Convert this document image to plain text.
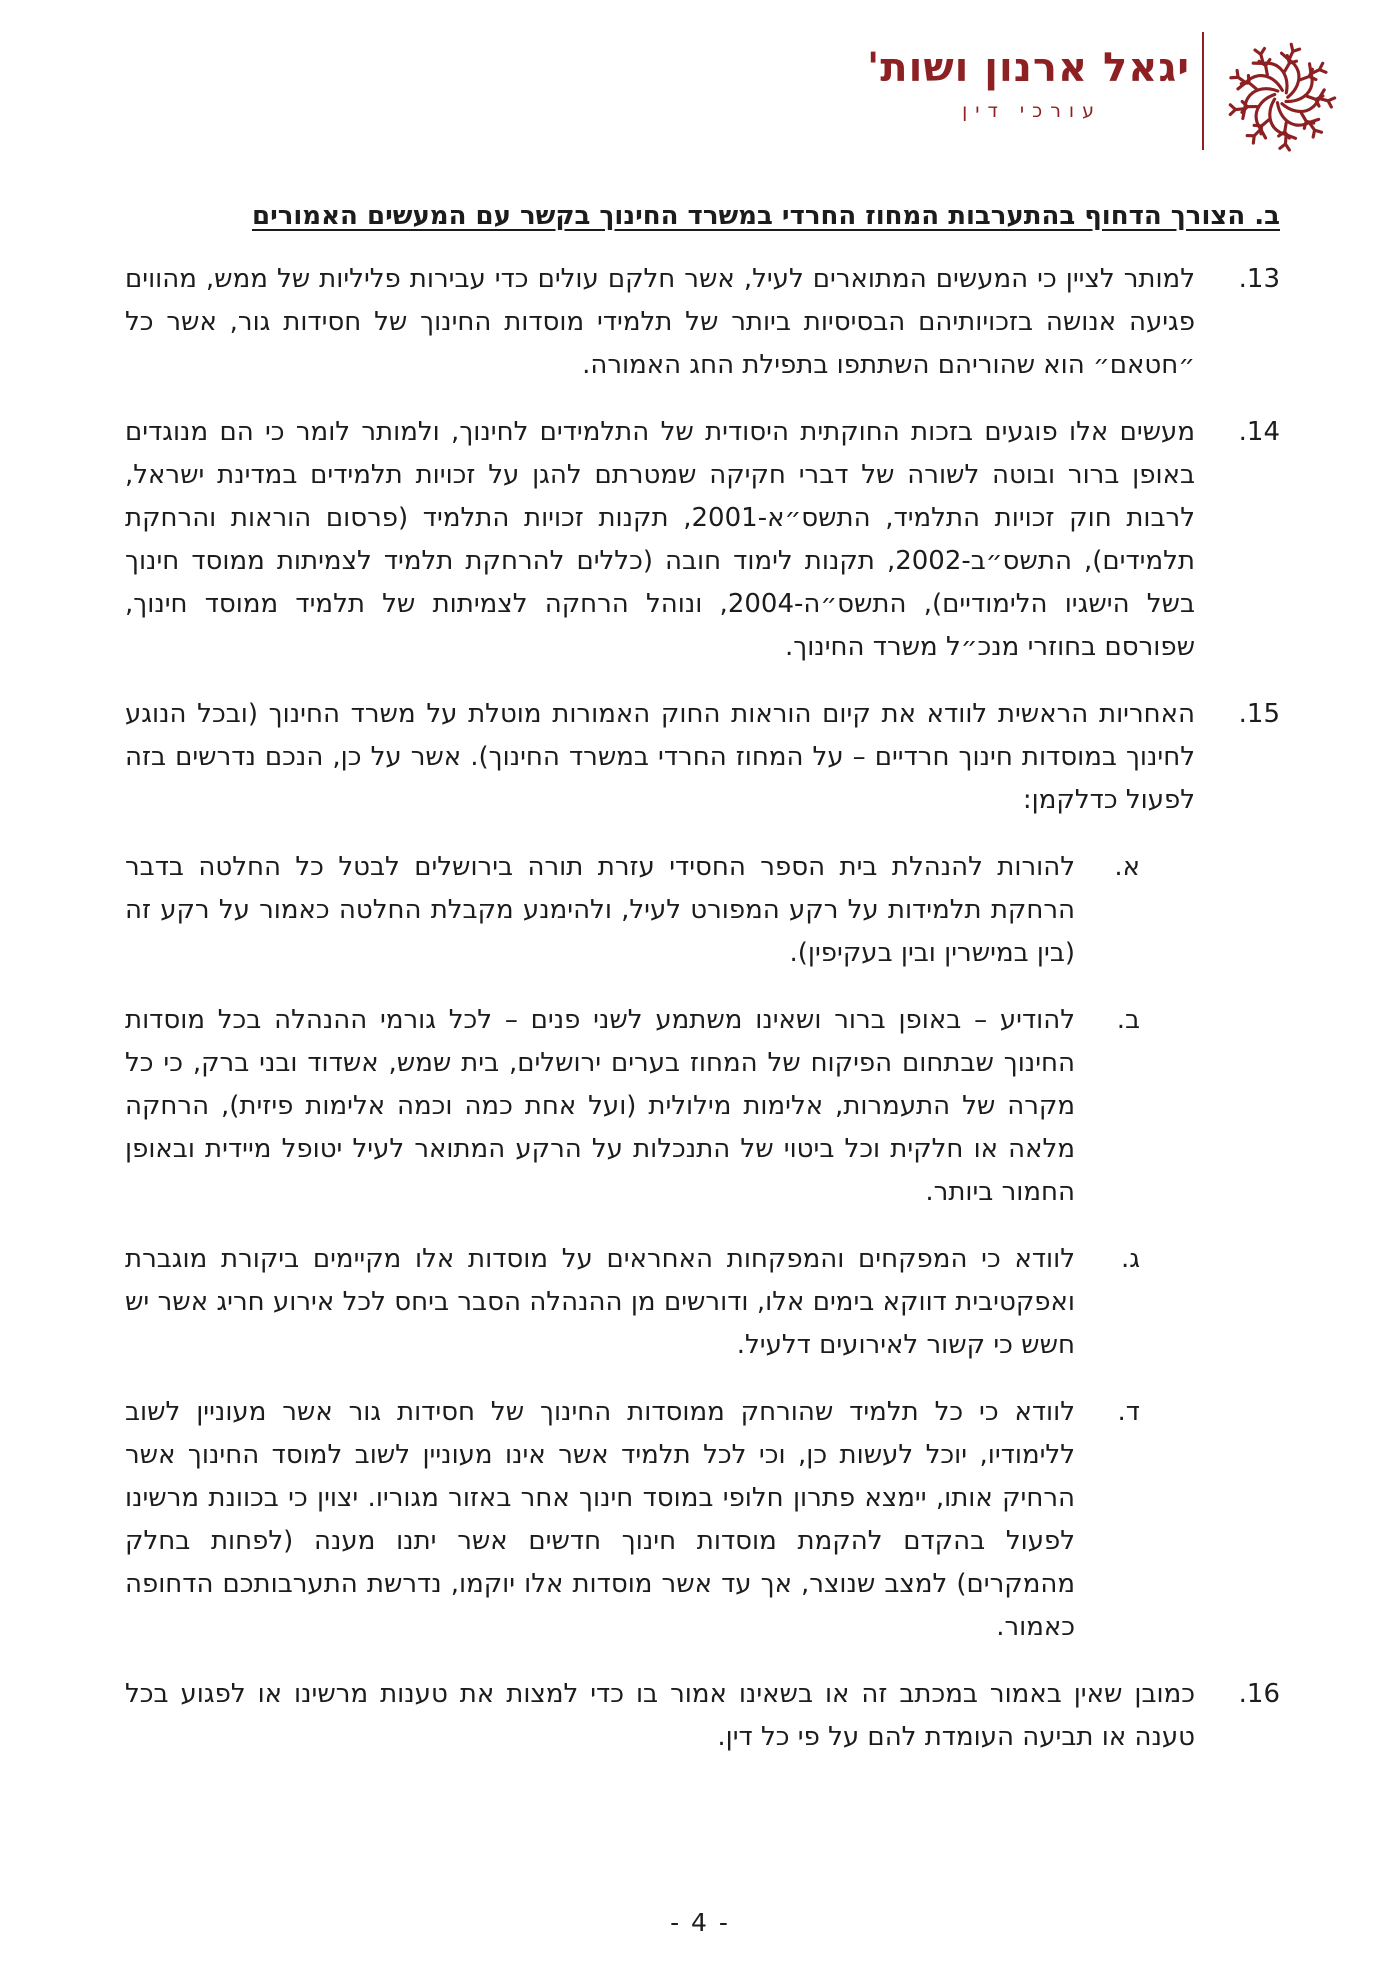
יגאל ארנון ושות'
עורכי דין
ב. הצורך הדחוף בהתערבות המחוז החרדי במשרד החינוך בקשר עם המעשים האמורים
13.
למותר לציין כי המעשים המתוארים לעיל, אשר חלקם עולים כדי עבירות פליליות של ממש, מהווים פגיעה אנושה בזכויותיהם הבסיסיות ביותר של תלמידי מוסדות החינוך של חסידות גור, אשר כל ״חטאם״ הוא שהוריהם השתתפו בתפילת החג האמורה.
14.
מעשים אלו פוגעים בזכות החוקתית היסודית של התלמידים לחינוך, ולמותר לומר כי הם מנוגדים באופן ברור ובוטה לשורה של דברי חקיקה שמטרתם להגן על זכויות תלמידים במדינת ישראל, לרבות חוק זכויות התלמיד, התשס״א-2001, תקנות זכויות התלמיד (פרסום הוראות והרחקת תלמידים), התשס״ב-2002, תקנות לימוד חובה (כללים להרחקת תלמיד לצמיתות ממוסד חינוך בשל הישגיו הלימודיים), התשס״ה-2004, ונוהל הרחקה לצמיתות של תלמיד ממוסד חינוך, שפורסם בחוזרי מנכ״ל משרד החינוך.
15.
האחריות הראשית לוודא את קיום הוראות החוק האמורות מוטלת על משרד החינוך (ובכל הנוגע לחינוך במוסדות חינוך חרדיים – על המחוז החרדי במשרד החינוך). אשר על כן, הנכם נדרשים בזה לפעול כדלקמן:
א.
להורות להנהלת בית הספר החסידי עזרת תורה בירושלים לבטל כל החלטה בדבר הרחקת תלמידות על רקע המפורט לעיל, ולהימנע מקבלת החלטה כאמור על רקע זה (בין במישרין ובין בעקיפין).
ב.
להודיע – באופן ברור ושאינו משתמע לשני פנים – לכל גורמי ההנהלה בכל מוסדות החינוך שבתחום הפיקוח של המחוז בערים ירושלים, בית שמש, אשדוד ובני ברק, כי כל מקרה של התעמרות, אלימות מילולית (ועל אחת כמה וכמה אלימות פיזית), הרחקה מלאה או חלקית וכל ביטוי של התנכלות על הרקע המתואר לעיל יטופל מיידית ובאופן החמור ביותר.
ג.
לוודא כי המפקחים והמפקחות האחראים על מוסדות אלו מקיימים ביקורת מוגברת ואפקטיבית דווקא בימים אלו, ודורשים מן ההנהלה הסבר ביחס לכל אירוע חריג אשר יש חשש כי קשור לאירועים דלעיל.
ד.
לוודא כי כל תלמיד שהורחק ממוסדות החינוך של חסידות גור אשר מעוניין לשוב ללימודיו, יוכל לעשות כן, וכי לכל תלמיד אשר אינו מעוניין לשוב למוסד החינוך אשר הרחיק אותו, יימצא פתרון חלופי במוסד חינוך אחר באזור מגוריו. יצוין כי בכוונת מרשינו לפעול בהקדם להקמת מוסדות חינוך חדשים אשר יתנו מענה (לפחות בחלק מהמקרים) למצב שנוצר, אך עד אשר מוסדות אלו יוקמו, נדרשת התערבותכם הדחופה כאמור.
16.
כמובן שאין באמור במכתב זה או בשאינו אמור בו כדי למצות את טענות מרשינו או לפגוע בכל טענה או תביעה העומדת להם על פי כל דין.
- 4 -
